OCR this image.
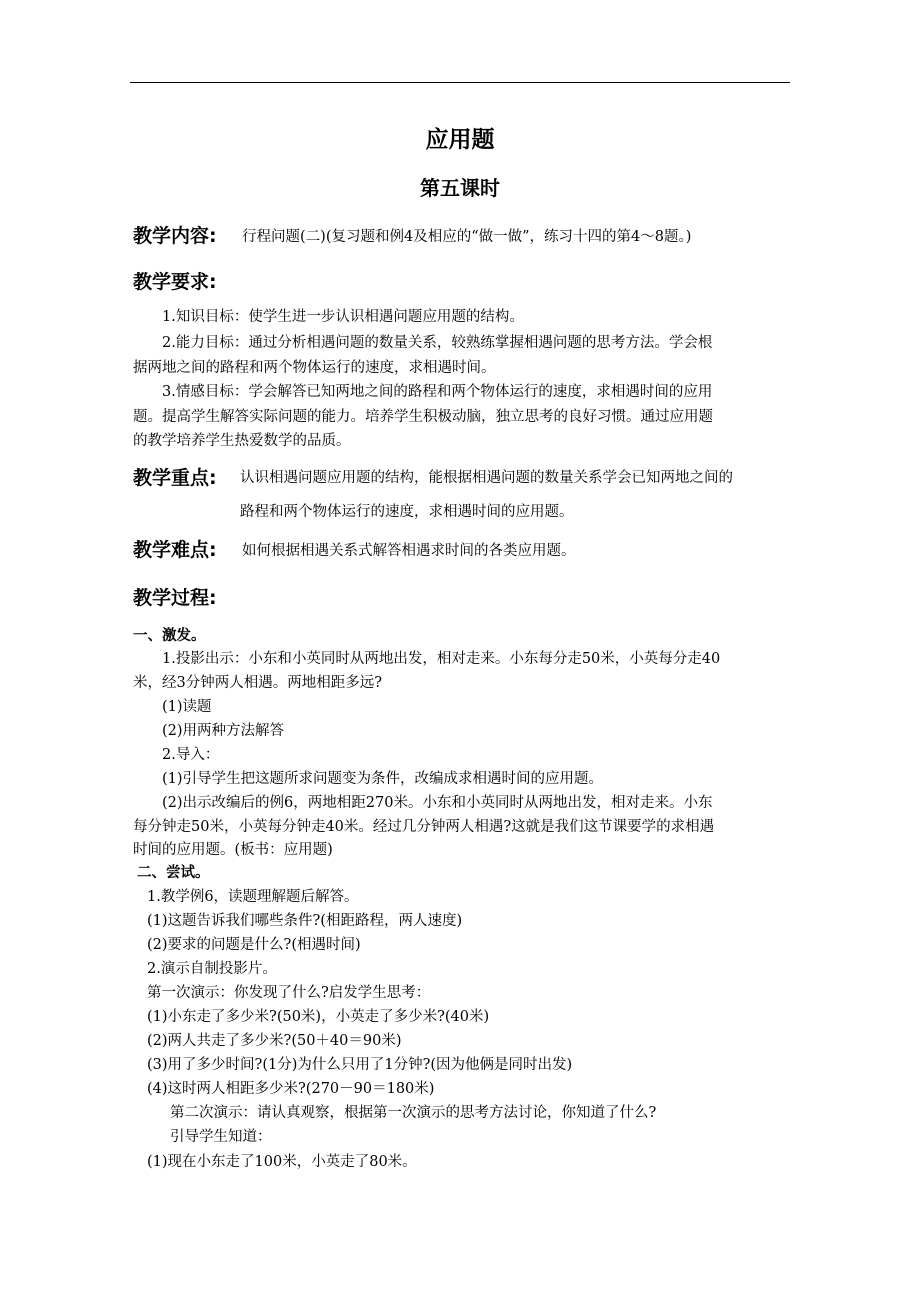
应用题
第五课时
教学内容: 行程问题(二)(复习题和例4及相应的“做一做”，练习十四的第4～8题。)
教学要求:
1.知识目标：使学生进一步认识相遇问题应用题的结构。
2.能力目标：通过分析相遇问题的数量关系，较熟练掌握相遇问题的思考方法。学会根
据两地之间的路程和两个物体运行的速度，求相遇时间。
3.情感目标：学会解答已知两地之间的路程和两个物体运行的速度，求相遇时间的应用
题。提高学生解答实际问题的能力。培养学生积极动脑，独立思考的良好习惯。通过应用题
的教学培养学生热爱数学的品质。
教学重点: 认识相遇问题应用题的结构，能根据相遇问题的数量关系学会已知两地之间的
路程和两个物体运行的速度，求相遇时间的应用题。
教学难点: 如何根据相遇关系式解答相遇求时间的各类应用题。
教学过程:
一、激发。
1.投影出示：小东和小英同时从两地出发，相对走来。小东每分走50米，小英每分走40
米，经3分钟两人相遇。两地相距多远?
(1)读题
(2)用两种方法解答
2.导入：
(1)引导学生把这题所求问题变为条件，改编成求相遇时间的应用题。
(2)出示改编后的例6，两地相距270米。小东和小英同时从两地出发，相对走来。小东
每分钟走50米，小英每分钟走40米。经过几分钟两人相遇?这就是我们这节课要学的求相遇
时间的应用题。(板书：应用题)
二、尝试。
1.教学例6，读题理解题后解答。
(1)这题告诉我们哪些条件?(相距路程，两人速度)
(2)要求的问题是什么?(相遇时间)
2.演示自制投影片。
第一次演示：你发现了什么?启发学生思考：
(1)小东走了多少米?(50米)，小英走了多少米?(40米)
(2)两人共走了多少米?(50＋40＝90米)
(3)用了多少时间?(1分)为什么只用了1分钟?(因为他俩是同时出发)
(4)这时两人相距多少米?(270－90＝180米)
第二次演示：请认真观察，根据第一次演示的思考方法讨论，你知道了什么?
引导学生知道：
(1)现在小东走了100米，小英走了80米。
